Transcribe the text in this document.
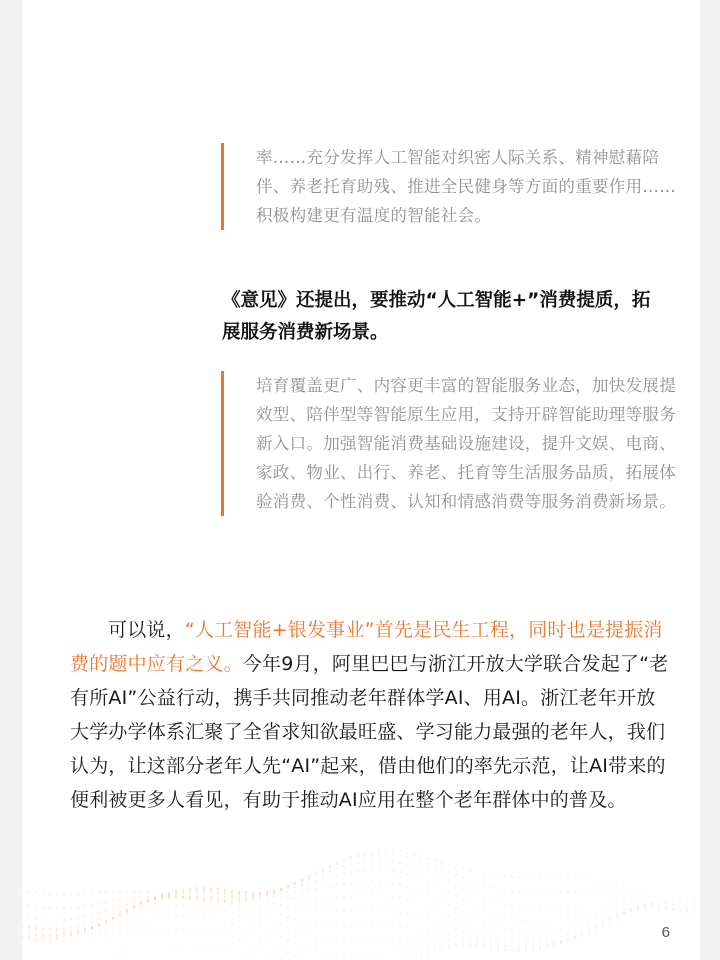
率……充分发挥人工智能对织密人际关系、精神慰藉陪伴、养老托育助残、推进全民健身等方面的重要作用……积极构建更有温度的智能社会。

《意见》还提出，要推动“人工智能+”消费提质，拓展服务消费新场景。

培育覆盖更广、内容更丰富的智能服务业态，加快发展提效型、陪伴型等智能原生应用，支持开辟智能助理等服务新入口。加强智能消费基础设施建设，提升文娱、电商、家政、物业、出行、养老、托育等生活服务品质，拓展体验消费、个性消费、认知和情感消费等服务消费新场景。

可以说，“人工智能+银发事业”首先是民生工程，同时也是提振消费的题中应有之义。今年9月，阿里巴巴与浙江开放大学联合发起了“老有所AI”公益行动，携手共同推动老年群体学AI、用AI。浙江老年开放大学办学体系汇聚了全省求知欲最旺盛、学习能力最强的老年人，我们认为，让这部分老年人先“AI”起来，借由他们的率先示范，让AI带来的便利被更多人看见，有助于推动AI应用在整个老年群体中的普及。

6
